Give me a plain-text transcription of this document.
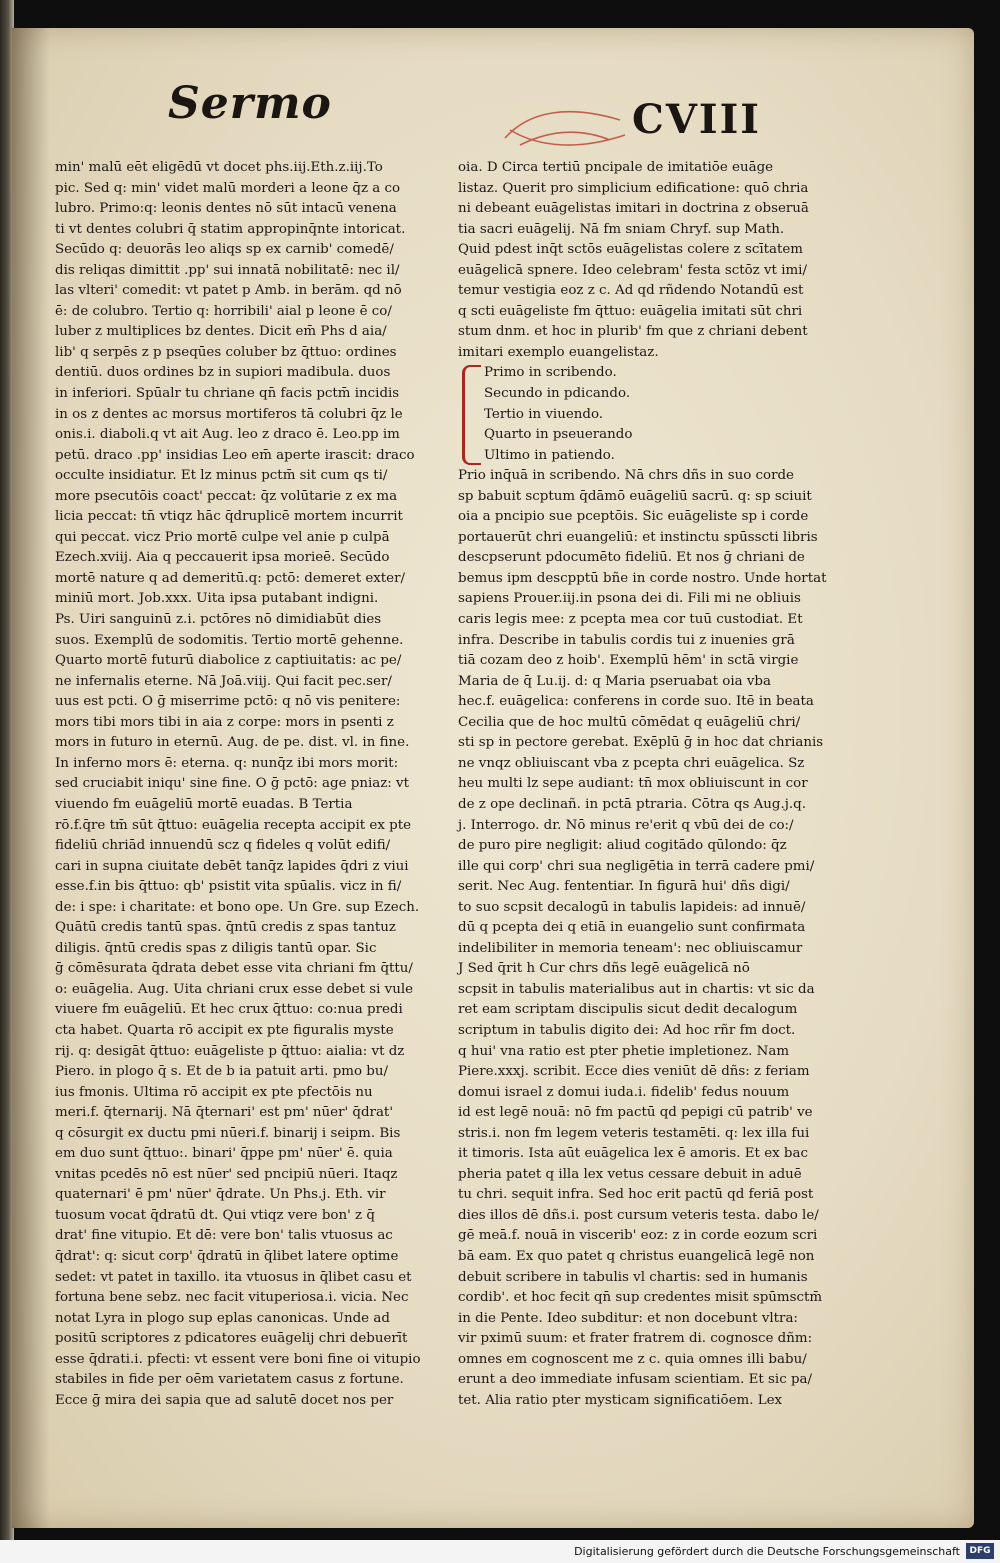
Sermo	CVIII
min' malū eēt eligēdū vt docet phs.iij.Eth.z.iij.To
pic. Sed q: min' videt malū morderi a leone q̄z a co
lubro. Primo:q: leonis dentes nō sūt intacū venena
ti vt dentes colubri q̄ statim appropinq̄nte intoricat.
Secūdo q: deuorās leo aliqs sp ex carnib' comedē/
dis reliqas dimittit .pp' sui innatā nobilitatē: nec il/
las vlteri' comedit: vt patet p Amb. in berām. qd nō
ē: de colubro. Tertio q: horribili' aial p leone ē co/
luber z multiplices bz dentes. Dicit em̄ Phs d aia/
lib' q serpēs z p pseqūes coluber bz q̄ttuo: ordines
dentiū. duos ordines bz in supiori madibula. duos
in inferiori. Spūalr tu chriane qn̄ facis pctm̄ incidis
in os z dentes ac morsus mortiferos tā colubri q̄z le
onis.i. diaboli.q vt ait Aug. leo z draco ē. Leo.pp im
petū. draco .pp' insidias Leo em̄ aperte irascit: draco
occulte insidiatur. Et lz minus pctm̄ sit cum qs ti/
more psecutōis coact' peccat: q̄z volūtarie z ex ma
licia peccat: tn̄ vtiqz hāc q̄druplicē mortem incurrit
qui peccat. vicz Prio mortē culpe vel anie p culpā
Ezech.xviij. Aia q peccauerit ipsa morieē. Secūdo
mortē nature q ad demeritū.q: pctō: demeret exter/
miniū mort. Job.xxx. Uita ipsa putabant indigni.
Ps. Uiri sanguinū z.i. pctōres nō dimidiabūt dies
suos. Exemplū de sodomitis. Tertio mortē gehenne.
Quarto mortē futurū diabolice z captiuitatis: ac pe/
ne infernalis eterne. Nā Joā.viij. Qui facit pec.ser/
uus est pcti. O ḡ miserrime pctō: q nō vis penitere:
mors tibi mors tibi in aia z corpe: mors in psenti z
mors in futuro in eternū. Aug. de pe. dist. vl. in fine.
In inferno mors ē: eterna. q: nunq̄z ibi mors morit:
sed cruciabit iniqu' sine fine. O ḡ pctō: age pniaz: vt
viuendo fm euāgeliū mortē euadas. B Tertia
rō.f.q̄re tm̄ sūt q̄ttuo: euāgelia recepta accipit ex pte
fideliū chriād innuendū scz q fideles q volūt edifi/
cari in supna ciuitate debēt tanq̄z lapides q̄dri z viui
esse.f.in bis q̄ttuo: qb' psistit vita spūalis. vicz in fi/
de: i spe: i charitate: et bono ope. Un Gre. sup Ezech.
Quātū credis tantū spas. q̄ntū credis z spas tantuz
diligis. q̄ntū credis spas z diligis tantū opar. Sic
ḡ cōmēsurata q̄drata debet esse vita chriani fm q̄ttu/
o: euāgelia. Aug. Uita chriani crux esse debet si vule
viuere fm euāgeliū. Et hec crux q̄ttuo: co:nua predi
cta habet. Quarta rō accipit ex pte figuralis myste
rij. q: desigāt q̄ttuo: euāgeliste p q̄ttuo: aialia: vt dz
Piero. in plogo q̄ s. Et de b ia patuit arti. pmo bu/
ius fmonis. Ultima rō accipit ex pte pfectōis nu
meri.f. q̄ternarij. Nā q̄ternari' est pm' nūer' q̄drat'
q cōsurgit ex ductu pmi nūeri.f. binarij i seipm. Bis
em duo sunt q̄ttuo:. binari' q̄ppe pm' nūer' ē. quia
vnitas pcedēs nō est nūer' sed pncipiū nūeri. Itaqz
quaternari' ē pm' nūer' q̄drate. Un Phs.j. Eth. vir
tuosum vocat q̄dratū dt. Qui vtiqz vere bon' z q̄
drat' fine vitupio. Et dē: vere bon' talis vtuosus ac
q̄drat': q: sicut corp' q̄dratū in q̄libet latere optime
sedet: vt patet in taxillo. ita vtuosus in q̄libet casu et
fortuna bene sebz. nec facit vituperiosa.i. vicia. Nec
notat Lyra in plogo sup eplas canonicas. Unde ad
positū scriptores z pdicatores euāgelij chri debuerīt
esse q̄drati.i. pfecti: vt essent vere boni fine oi vitupio
stabiles in fide per oēm varietatem casus z fortune.
Ecce ḡ mira dei sapia que ad salutē docet nos per
oia. D Circa tertiū pncipale de imitatiōe euāge
listaz. Querit pro simplicium edificatione: quō chria
ni debeant euāgelistas imitari in doctrina z obseruā
tia sacri euāgelij. Nā fm sniam Chryf. sup Math.
Quid pdest inq̄t sctōs euāgelistas colere z scītatem
euāgelicā spnere. Ideo celebram' festa sctōz vt imi/
temur vestigia eoz z c. Ad qd rñdendo Notandū est
q scti euāgeliste fm q̄ttuo: euāgelia imitati sūt chri
stum dnm. et hoc in plurib' fm que z chriani debent
imitari exemplo euangelistaz.
Primo in scribendo.
Secundo in pdicando.
Tertio in viuendo.
Quarto in pseuerando
Ultimo in patiendo.
Prio inq̄uā in scribendo. Nā chrs dñs in suo corde
sp babuit scptum q̄dāmō euāgeliū sacrū. q: sp sciuit
oia a pncipio sue pceptōis. Sic euāgeliste sp i corde
portauerūt chri euangeliū: et instinctu spūsscti libris
descpserunt pdocumēto fideliū. Et nos ḡ chriani de
bemus ipm descpptū bñe in corde nostro. Unde hortat
sapiens Prouer.iij.in psona dei di. Fili mi ne obliuis
caris legis mee: z pcepta mea cor tuū custodiat. Et
infra. Describe in tabulis cordis tui z inuenies grā
tiā cozam deo z hoib'. Exemplū hēm' in sctā virgie
Maria de q̄ Lu.ij. d: q Maria pseruabat oia vba
hec.f. euāgelica: conferens in corde suo. Itē in beata
Cecilia que de hoc multū cōmēdat q euāgeliū chri/
sti sp in pectore gerebat. Exēplū ḡ in hoc dat chrianis
ne vnqz obliuiscant vba z pcepta chri euāgelica. Sz
heu multi lz sepe audiant: tn̄ mox obliuiscunt in cor
de z ope declinañ. in pctā ptraria. Cōtra qs Aug.j.q.
j. Interrogo. dr. Nō minus re'erit q vbū dei de co:/
de puro pire negligit: aliud cogitādo qūlondo: q̄z
ille qui corp' chri sua negligētia in terrā cadere pmi/
serit. Nec Aug. fententiar. In figurā hui' dñs digi/
to suo scpsit decalogū in tabulis lapideis: ad innuē/
dū q pcepta dei q etiā in euangelio sunt confirmata
indelibiliter in memoria teneam': nec obliuiscamur
J Sed q̄rit h Cur chrs dñs legē euāgelicā nō
scpsit in tabulis materialibus aut in chartis: vt sic da
ret eam scriptam discipulis sicut dedit decalogum
scriptum in tabulis digito dei: Ad hoc rñr fm doct.
q hui' vna ratio est pter phetie impletionez. Nam
Piere.xxxj. scribit. Ecce dies veniūt dē dñs: z feriam
domui israel z domui iuda.i. fidelib' fedus nouum
id est legē nouā: nō fm pactū qd pepigi cū patrib' ve
stris.i. non fm legem veteris testamēti. q: lex illa fui
it timoris. Ista aūt euāgelica lex ē amoris. Et ex bac
pheria patet q illa lex vetus cessare debuit in aduē
tu chri. sequit infra. Sed hoc erit pactū qd feriā post
dies illos dē dñs.i. post cursum veteris testa. dabo le/
gē meā.f. nouā in viscerib' eoz: z in corde eozum scri
bā eam. Ex quo patet q christus euangelicā legē non
debuit scribere in tabulis vl chartis: sed in humanis
cordib'. et hoc fecit qn̄ sup credentes misit spūmsctm̄
in die Pente. Ideo subditur: et non docebunt vltra:
vir pximū suum: et frater fratrem di. cognosce dñm:
omnes em cognoscent me z c. quia omnes illi babu/
erunt a deo immediate infusam scientiam. Et sic pa/
tet. Alia ratio pter mysticam significatiōem. Lex
Digitalisierung gefördert durch die Deutsche Forschungsgemeinschaft	DFG
